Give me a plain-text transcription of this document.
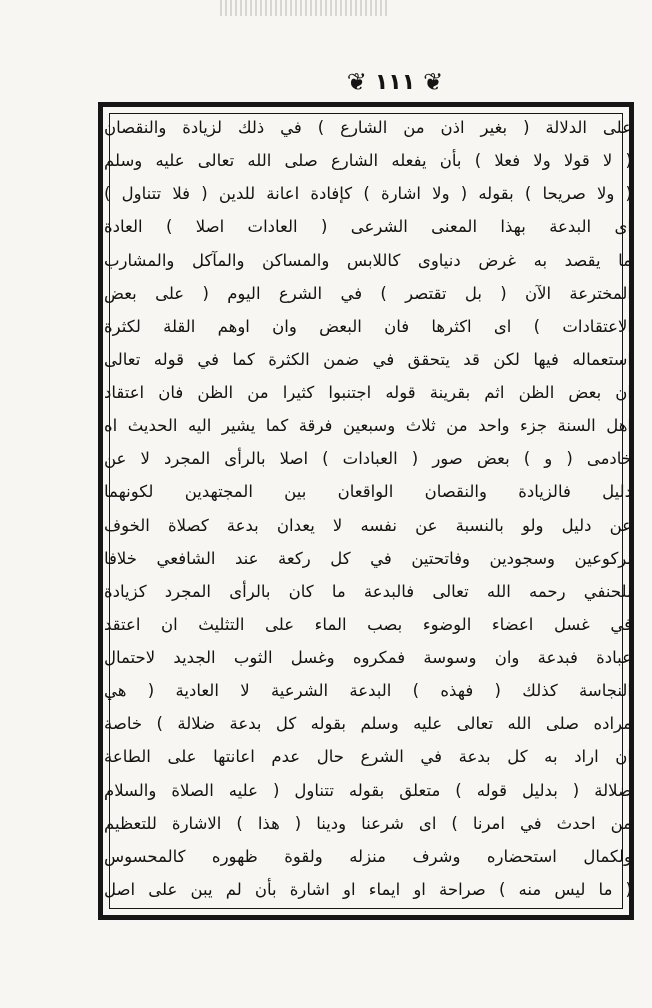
❦ ١١١ ❦
على الدلالة ( بغير اذن من الشارع ) في ذلك لزيادة والنقصان
( لا قولا ولا فعلا ) بأن يفعله الشارع صلى الله تعالى عليه وسلم
( ولا صريحا ) بقوله ( ولا اشارة ) كإفادة اعانة للدين ( فلا تتناول )
اى البدعة بهذا المعنى الشرعى ( العادات اصلا ) العادة
ما يقصد به غرض دنياوى كاللابس والمساكن والمآكل والمشارب
المخترعة الآن ( بل تقتصر ) في الشرع اليوم ( على بعض
الاعتقادات ) اى اكثرها فان البعض وان اوهم القلة لكثرة
استعماله فيها لكن قد يتحقق في ضمن الكثرة كما في قوله تعالى
ان بعض الظن اثم بقرينة قوله اجتنبوا كثيرا من الظن فان اعتقاد
اهل السنة جزء واحد من ثلاث وسبعين فرقة كما يشير اليه الحديث اه
خادمى ( و ) بعض صور ( العبادات ) اصلا بالرأى المجرد لا عن
دليل فالزيادة والنقصان الواقعان بين المجتهدين لكونهما
عن دليل ولو بالنسبة عن نفسه لا يعدان بدعة كصلاة الخوف
بركوعين وسجودين وفاتحتين في كل ركعة عند الشافعي خلافا
للحنفي رحمه الله تعالى فالبدعة ما كان بالرأى المجرد كزيادة
في غسل اعضاء الوضوء بصب الماء على التثليث ان اعتقد
عبادة فبدعة وان وسوسة فمكروه وغسل الثوب الجديد لاحتمال
النجاسة كذلك ( فهذه ) البدعة الشرعية لا العادية ( هي
مراده صلى الله تعالى عليه وسلم بقوله كل بدعة ضلالة ) خاصة
ان اراد به كل بدعة في الشرع حال عدم اعانتها على الطاعة
ضلالة ( بدليل قوله ) متعلق بقوله تتناول ( عليه الصلاة والسلام
من احدث في امرنا ) اى شرعنا ودينا ( هذا ) الاشارة للتعظيم
ولكمال استحضاره وشرف منزله ولقوة ظهوره كالمحسوس
( ما ليس منه ) صراحة او ايماء او اشارة بأن لم يبن على اصل
